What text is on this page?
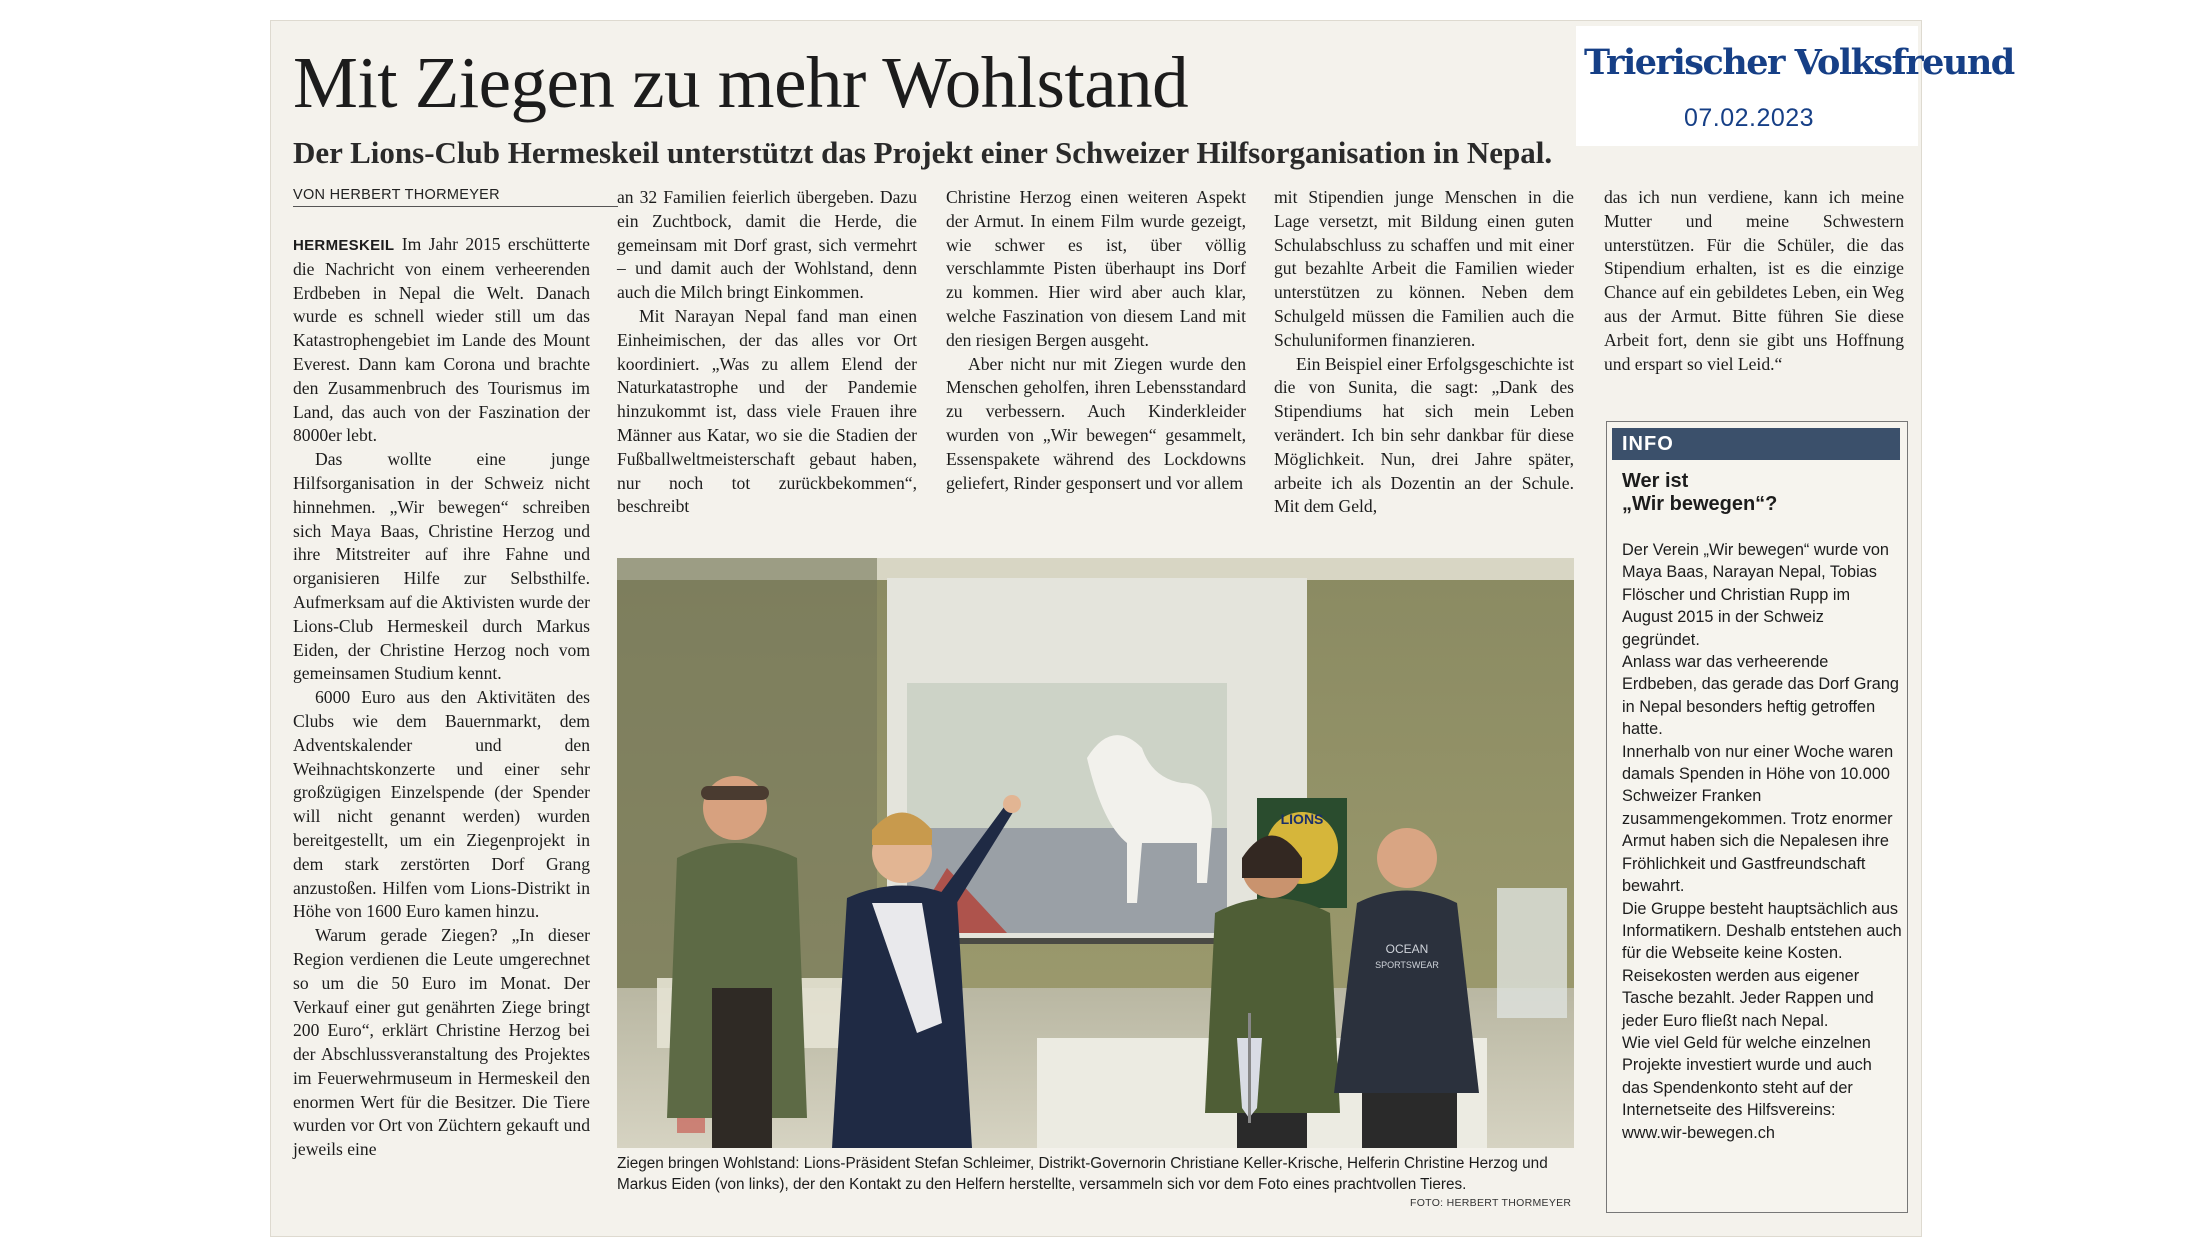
Mit Ziegen zu mehr Wohlstand
Der Lions-Club Hermeskeil unterstützt das Projekt einer Schweizer Hilfsorganisation in Nepal.
VON HERBERT THORMEYER

HERMESKEIL Im Jahr 2015 erschütterte die Nachricht von einem verheerenden Erdbeben in Nepal die Welt. Danach wurde es schnell wieder still um das Katastrophengebiet im Lande des Mount Everest. Dann kam Corona und brachte den Zusammenbruch des Tourismus im Land, das auch von der Faszination der 8000er lebt.

Das wollte eine junge Hilfsorganisation in der Schweiz nicht hinnehmen. „Wir bewegen“ schreiben sich Maya Baas, Christine Herzog und ihre Mitstreiter auf ihre Fahne und organisieren Hilfe zur Selbsthilfe. Aufmerksam auf die Aktivisten wurde der Lions-Club Hermeskeil durch Markus Eiden, der Christine Herzog noch vom gemeinsamen Studium kennt.

6000 Euro aus den Aktivitäten des Clubs wie dem Bauernmarkt, dem Adventskalender und den Weihnachtskonzerte und einer sehr großzügigen Einzelspende (der Spender will nicht genannt werden) wurden bereitgestellt, um ein Ziegenprojekt in dem stark zerstörten Dorf Grang anzustoßen. Hilfen vom Lions-Distrikt in Höhe von 1600 Euro kamen hinzu.

Warum gerade Ziegen? „In dieser Region verdienen die Leute umgerechnet so um die 50 Euro im Monat. Der Verkauf einer gut genährten Ziege bringt 200 Euro“, erklärt Christine Herzog bei der Abschlussveranstaltung des Projektes im Feuerwehrmuseum in Hermeskeil den enormen Wert für die Besitzer. Die Tiere wurden vor Ort von Züchtern gekauft und jeweils eine

an 32 Familien feierlich übergeben. Dazu ein Zuchtbock, damit die Herde, die gemeinsam mit Dorf grast, sich vermehrt – und damit auch der Wohlstand, denn auch die Milch bringt Einkommen.

Mit Narayan Nepal fand man einen Einheimischen, der das alles vor Ort koordiniert. „Was zu allem Elend der Naturkatastrophe und der Pandemie hinzukommt ist, dass viele Frauen ihre Männer aus Katar, wo sie die Stadien der Fußballweltmeisterschaft gebaut haben, nur noch tot zurückbekommen“, beschreibt

Christine Herzog einen weiteren Aspekt der Armut. In einem Film wurde gezeigt, wie schwer es ist, über völlig verschlammte Pisten überhaupt ins Dorf zu kommen. Hier wird aber auch klar, welche Faszination von diesem Land mit den riesigen Bergen ausgeht.

Aber nicht nur mit Ziegen wurde den Menschen geholfen, ihren Lebensstandard zu verbessern. Auch Kinderkleider wurden von „Wir bewegen“ gesammelt, Essenspakete während des Lockdowns geliefert, Rinder gesponsert und vor allem

mit Stipendien junge Menschen in die Lage versetzt, mit Bildung einen guten Schulabschluss zu schaffen und mit einer gut bezahlte Arbeit die Familien wieder unterstützen zu können. Neben dem Schulgeld müssen die Familien auch die Schuluniformen finanzieren.

Ein Beispiel einer Erfolgsgeschichte ist die von Sunita, die sagt: „Dank des Stipendiums hat sich mein Leben verändert. Ich bin sehr dankbar für diese Möglichkeit. Nun, drei Jahre später, arbeite ich als Dozentin an der Schule. Mit dem Geld,

das ich nun verdiene, kann ich meine Mutter und meine Schwestern unterstützen. Für die Schüler, die das Stipendium erhalten, ist es die einzige Chance auf ein gebildetes Leben, ein Weg aus der Armut. Bitte führen Sie diese Arbeit fort, denn sie gibt uns Hoffnung und erspart so viel Leid.“

Trierischer Volksfreund
07.02.2023
LIONS
OCEAN
SPORTSWEAR
Ziegen bringen Wohlstand: Lions-Präsident Stefan Schleimer, Distrikt-Governorin Christiane Keller-Krische, Helferin Christine Herzog und Markus Eiden (von links), der den Kontakt zu den Helfern herstellte, versammeln sich vor dem Foto eines prachtvollen Tieres.
FOTO: HERBERT THORMEYER
INFO
Wer ist
„Wir bewegen“?
Der Verein „Wir bewegen“ wurde von Maya Baas, Narayan Nepal, Tobias Flöscher und Christian Rupp im August 2015 in der Schweiz gegründet.
Anlass war das verheerende Erdbeben, das gerade das Dorf Grang in Nepal besonders heftig getroffen hatte.
Innerhalb von nur einer Woche waren damals Spenden in Höhe von 10.000 Schweizer Franken zusammengekommen. Trotz enormer Armut haben sich die Nepalesen ihre Fröhlichkeit und Gastfreundschaft bewahrt.
Die Gruppe besteht hauptsächlich aus Informatikern. Deshalb entstehen auch für die Webseite keine Kosten. Reisekosten werden aus eigener Tasche bezahlt. Jeder Rappen und jeder Euro fließt nach Nepal.
Wie viel Geld für welche einzelnen Projekte investiert wurde und auch das Spendenkonto steht auf der Internetseite des Hilfsvereins:
www.wir-bewegen.ch
